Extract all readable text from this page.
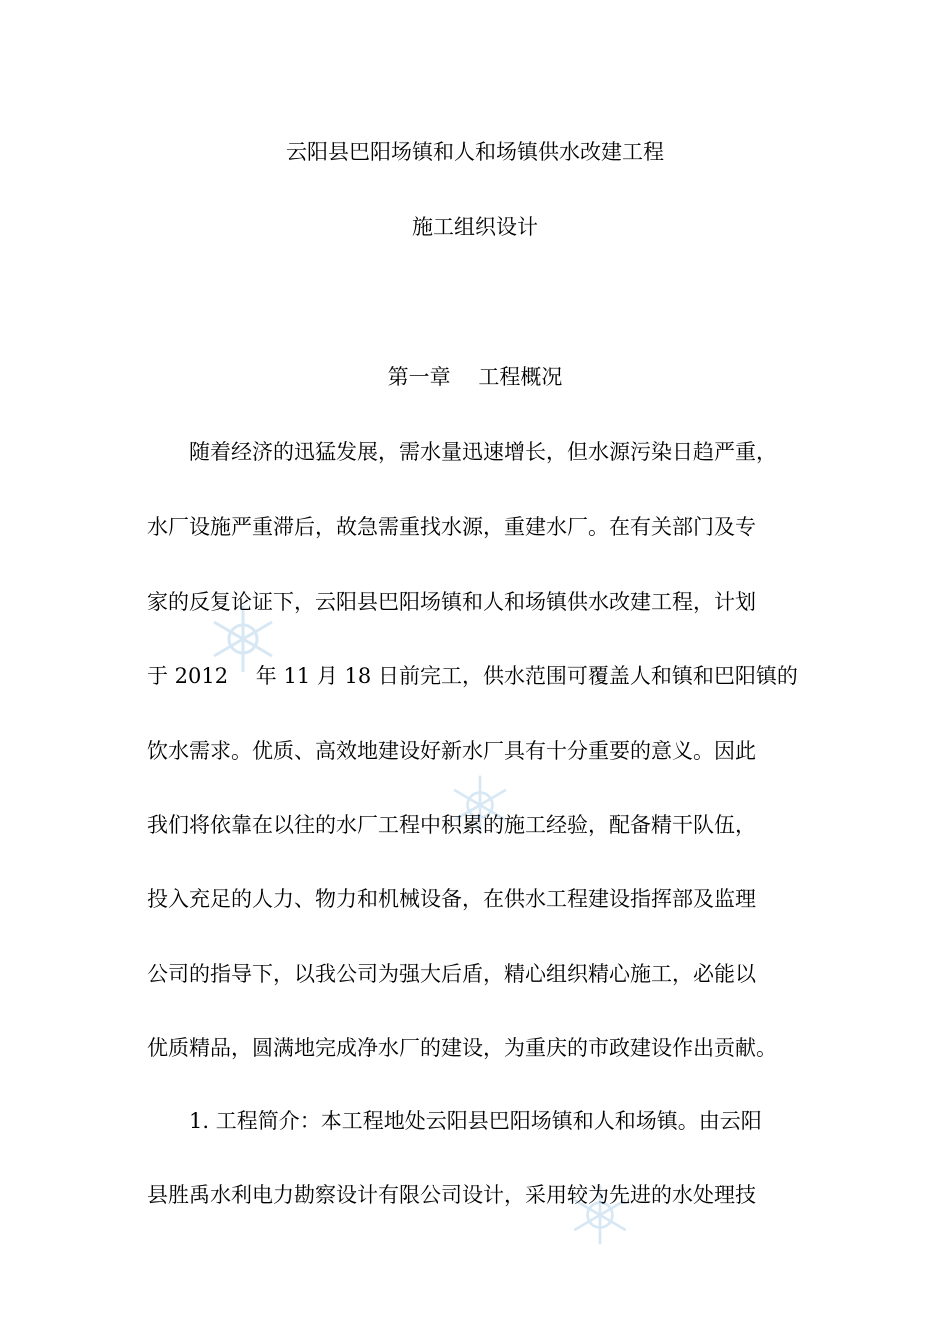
云阳县巴阳场镇和人和场镇供水改建工程
施工组织设计
第一章　 工程概况
随着经济的迅猛发展，需水量迅速增长，但水源污染日趋严重，
水厂设施严重滞后，故急需重找水源，重建水厂。在有关部门及专
家的反复论证下，云阳县巴阳场镇和人和场镇供水改建工程，计划
于 2012　 年 11 月 18 日前完工，供水范围可覆盖人和镇和巴阳镇的
饮水需求。优质、高效地建设好新水厂具有十分重要的意义。因此
我们将依靠在以往的水厂工程中积累的施工经验，配备精干队伍，
投入充足的人力、物力和机械设备，在供水工程建设指挥部及监理
公司的指导下，以我公司为强大后盾，精心组织精心施工，必能以
优质精品，圆满地完成净水厂的建设，为重庆的市政建设作出贡献。
1. 工程简介：本工程地处云阳县巴阳场镇和人和场镇。由云阳
县胜禹水利电力勘察设计有限公司设计，采用较为先进的水处理技
